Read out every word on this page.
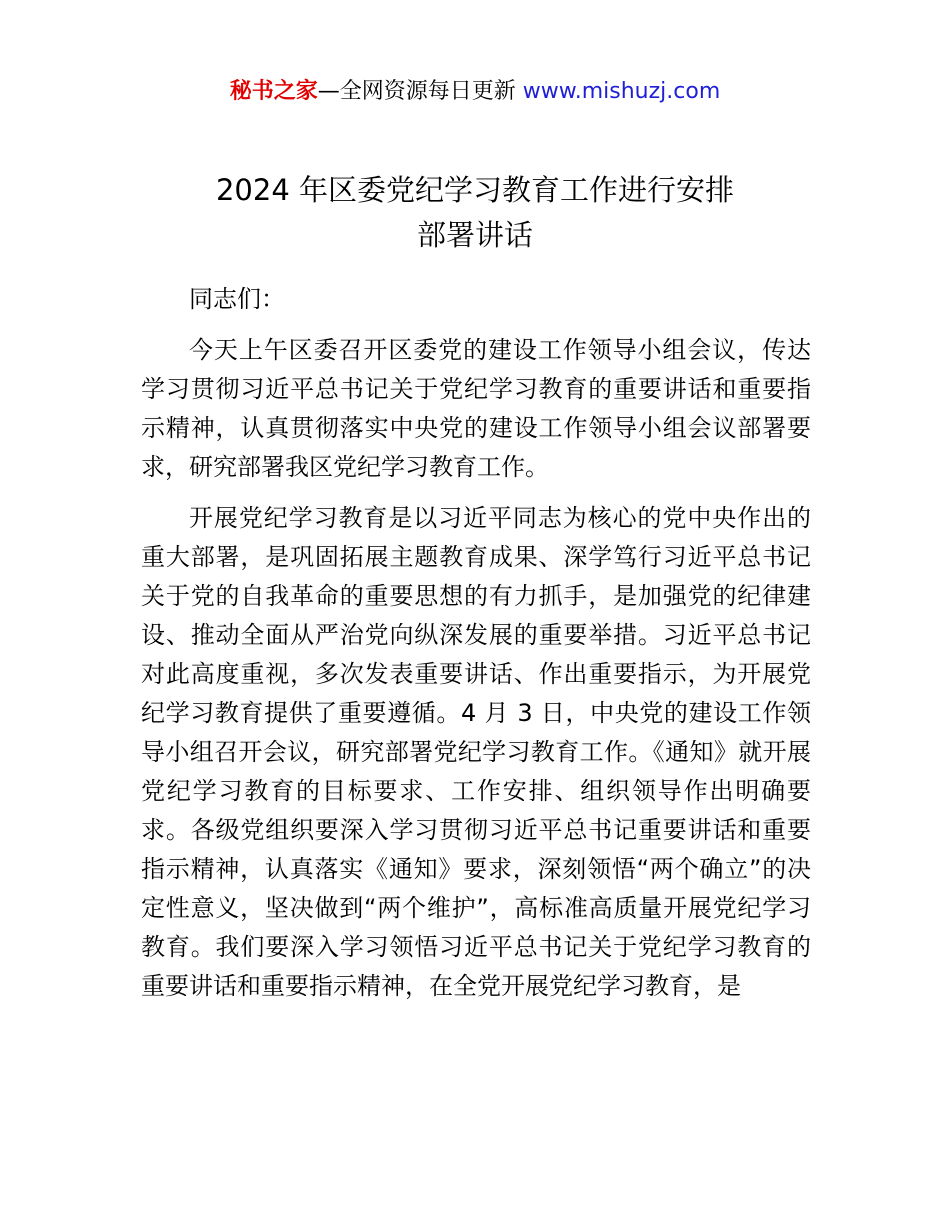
秘书之家—全网资源每日更新 www.mishuzj.com
2024 年区委党纪学习教育工作进行安排
部署讲话

同志们：

今天上午区委召开区委党的建设工作领导小组会议，传达学习贯彻习近平总书记关于党纪学习教育的重要讲话和重要指示精神，认真贯彻落实中央党的建设工作领导小组会议部署要求，研究部署我区党纪学习教育工作。

开展党纪学习教育是以习近平同志为核心的党中央作出的重大部署，是巩固拓展主题教育成果、深学笃行习近平总书记关于党的自我革命的重要思想的有力抓手，是加强党的纪律建设、推动全面从严治党向纵深发展的重要举措。习近平总书记对此高度重视，多次发表重要讲话、作出重要指示，为开展党纪学习教育提供了重要遵循。4 月 3 日，中央党的建设工作领导小组召开会议，研究部署党纪学习教育工作。《通知》就开展党纪学习教育的目标要求、工作安排、组织领导作出明确要求。各级党组织要深入学习贯彻习近平总书记重要讲话和重要指示精神，认真落实《通知》要求，深刻领悟“两个确立”的决定性意义，坚决做到“两个维护”，高标准高质量开展党纪学习教育。我们要深入学习领悟习近平总书记关于党纪学习教育的重要讲话和重要指示精神，在全党开展党纪学习教育，是
